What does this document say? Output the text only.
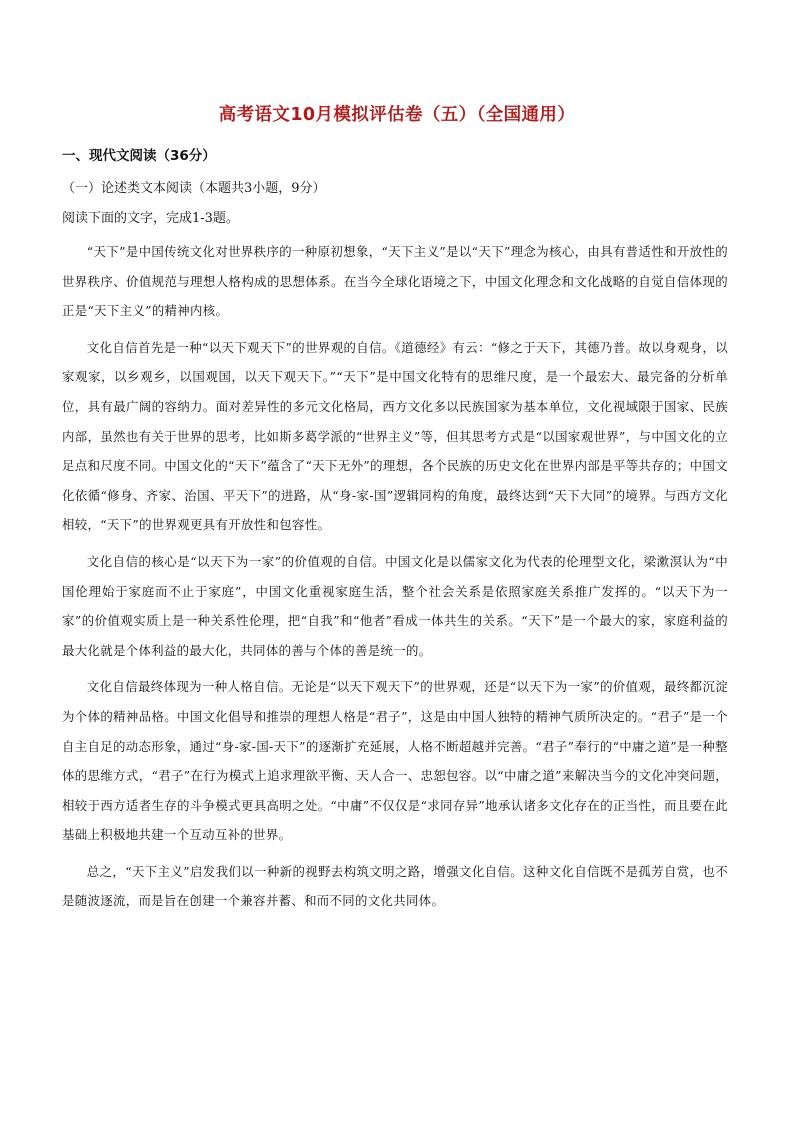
高考语文10月模拟评估卷（五）（全国通用）
一、现代文阅读（36分）
（一）论述类文本阅读（本题共3小题，9分）
阅读下面的文字，完成1-3题。

“天下”是中国传统文化对世界秩序的一种原初想象，“天下主义”是以“天下”理念为核心，由具有普适性和开放性的世界秩序、价值规范与理想人格构成的思想体系。在当今全球化语境之下，中国文化理念和文化战略的自觉自信体现的正是“天下主义”的精神内核。

文化自信首先是一种“以天下观天下”的世界观的自信。《道德经》有云：“修之于天下，其德乃普。故以身观身，以家观家，以乡观乡，以国观国，以天下观天下。”“天下”是中国文化特有的思维尺度，是一个最宏大、最完备的分析单位，具有最广阔的容纳力。面对差异性的多元文化格局，西方文化多以民族国家为基本单位，文化视域限于国家、民族内部，虽然也有关于世界的思考，比如斯多葛学派的“世界主义”等，但其思考方式是“以国家观世界”，与中国文化的立足点和尺度不同。中国文化的“天下”蕴含了“天下无外”的理想，各个民族的历史文化在世界内部是平等共存的；中国文化依循“修身、齐家、治国、平天下”的进路，从“身-家-国”逻辑同构的角度，最终达到“天下大同”的境界。与西方文化相较，“天下”的世界观更具有开放性和包容性。

文化自信的核心是“以天下为一家”的价值观的自信。中国文化是以儒家文化为代表的伦理型文化，梁漱溟认为“中国伦理始于家庭而不止于家庭”，中国文化重视家庭生活，整个社会关系是依照家庭关系推广发挥的。“以天下为一家”的价值观实质上是一种关系性伦理，把“自我”和“他者”看成一体共生的关系。“天下”是一个最大的家，家庭利益的最大化就是个体利益的最大化，共同体的善与个体的善是统一的。

文化自信最终体现为一种人格自信。无论是“以天下观天下”的世界观，还是“以天下为一家”的价值观，最终都沉淀为个体的精神品格。中国文化倡导和推崇的理想人格是“君子”，这是由中国人独特的精神气质所决定的。“君子”是一个自主自足的动态形象，通过“身-家-国-天下”的逐渐扩充延展，人格不断超越并完善。“君子”奉行的“中庸之道”是一种整体的思维方式，“君子”在行为模式上追求理欲平衡、天人合一、忠恕包容。以“中庸之道”来解决当今的文化冲突问题，相较于西方适者生存的斗争模式更具高明之处。“中庸”不仅仅是“求同存异”地承认诸多文化存在的正当性，而且要在此基础上积极地共建一个互动互补的世界。

总之，“天下主义”启发我们以一种新的视野去构筑文明之路，增强文化自信。这种文化自信既不是孤芳自赏，也不是随波逐流，而是旨在创建一个兼容并蓄、和而不同的文化共同体。
